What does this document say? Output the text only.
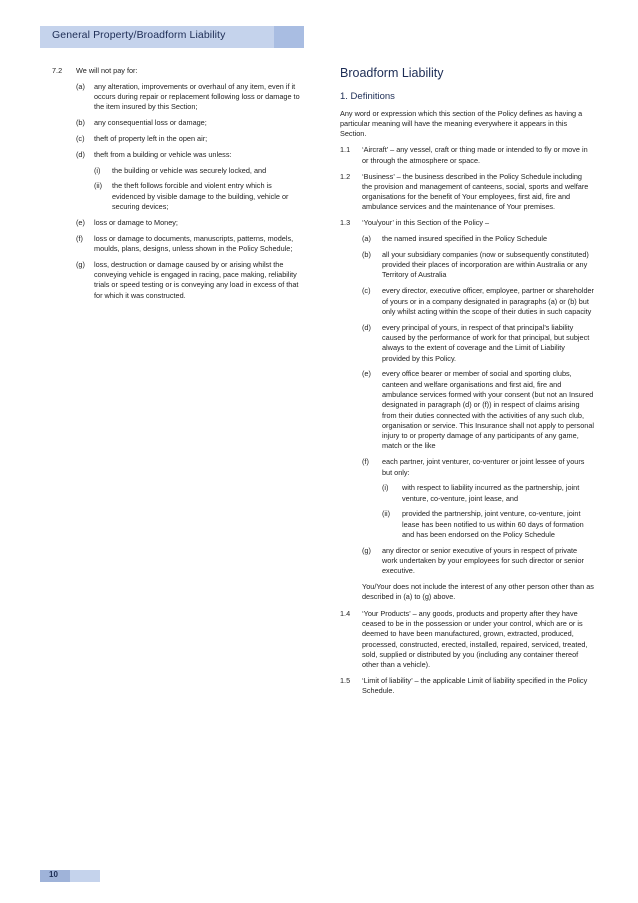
General Property/Broadform Liability
7.2	We will not pay for:
(a)	any alteration, improvements or overhaul of any item, even if it occurs during repair or replacement following loss or damage to the item insured by this Section;
(b)	any consequential loss or damage;
(c)	theft of property left in the open air;
(d)	theft from a building or vehicle was unless:
(i)	the building or vehicle was securely locked, and
(ii)	the theft follows forcible and violent entry which is evidenced by visible damage to the building, vehicle or securing devices;
(e)	loss or damage to Money;
(f)	loss or damage to documents, manuscripts, patterns, models, moulds, plans, designs, unless shown in the Policy Schedule;
(g)	loss, destruction or damage caused by or arising whilst the conveying vehicle is engaged in racing, pace making, reliability trials or speed testing or is conveying any load in excess of that for which it was constructed.
Broadform Liability
1. Definitions
Any word or expression which this section of the Policy defines as having a particular meaning will have the meaning everywhere it appears in this Section.
1.1	‘Aircraft’ – any vessel, craft or thing made or intended to fly or move in or through the atmosphere or space.
1.2	‘Business’ – the business described in the Policy Schedule including the provision and management of canteens, social, sports and welfare organisations for the benefit of Your employees, first aid, fire and ambulance services and the maintenance of Your premises.
1.3	‘You/your’ in this Section of the Policy –
(a)	the named insured specified in the Policy Schedule
(b)	all your subsidiary companies (now or subsequently constituted) provided their places of incorporation are within Australia or any Territory of Australia
(c)	every director, executive officer, employee, partner or shareholder of yours or in a company designated in paragraphs (a) or (b) but only whilst acting within the scope of their duties in such capacity
(d)	every principal of yours, in respect of that principal’s liability caused by the performance of work for that principal, but subject always to the extent of coverage and the Limit of Liability provided by this Policy.
(e)	every office bearer or member of social and sporting clubs, canteen and welfare organisations and first aid, fire and ambulance services formed with your consent (but not an Insured designated in paragraph (d) or (f)) in respect of claims arising from their duties connected with the activities of any such club, organisation or service. This Insurance shall not apply to personal injury to or property damage of any participants of any game, match or the like
(f)	each partner, joint venturer, co-venturer or joint lessee of yours but only:
(i)	with respect to liability incurred as the partnership, joint venture, co-venture, joint lease, and
(ii)	provided the partnership, joint venture, co-venture, joint lease has been notified to us within 60 days of formation and has been endorsed on the Policy Schedule
(g)	any director or senior executive of yours in respect of private work undertaken by your employees for such director or senior executive.
You/Your does not include the interest of any other person other than as described in (a) to (g) above.
1.4	‘Your Products’ – any goods, products and property after they have ceased to be in the possession or under your control, which are or is deemed to have been manufactured, grown, extracted, produced, processed, constructed, erected, installed, repaired, serviced, treated, sold, supplied or distributed by you (including any container thereof other than a vehicle).
1.5	‘Limit of liability’ – the applicable Limit of liability specified in the Policy Schedule.
10
